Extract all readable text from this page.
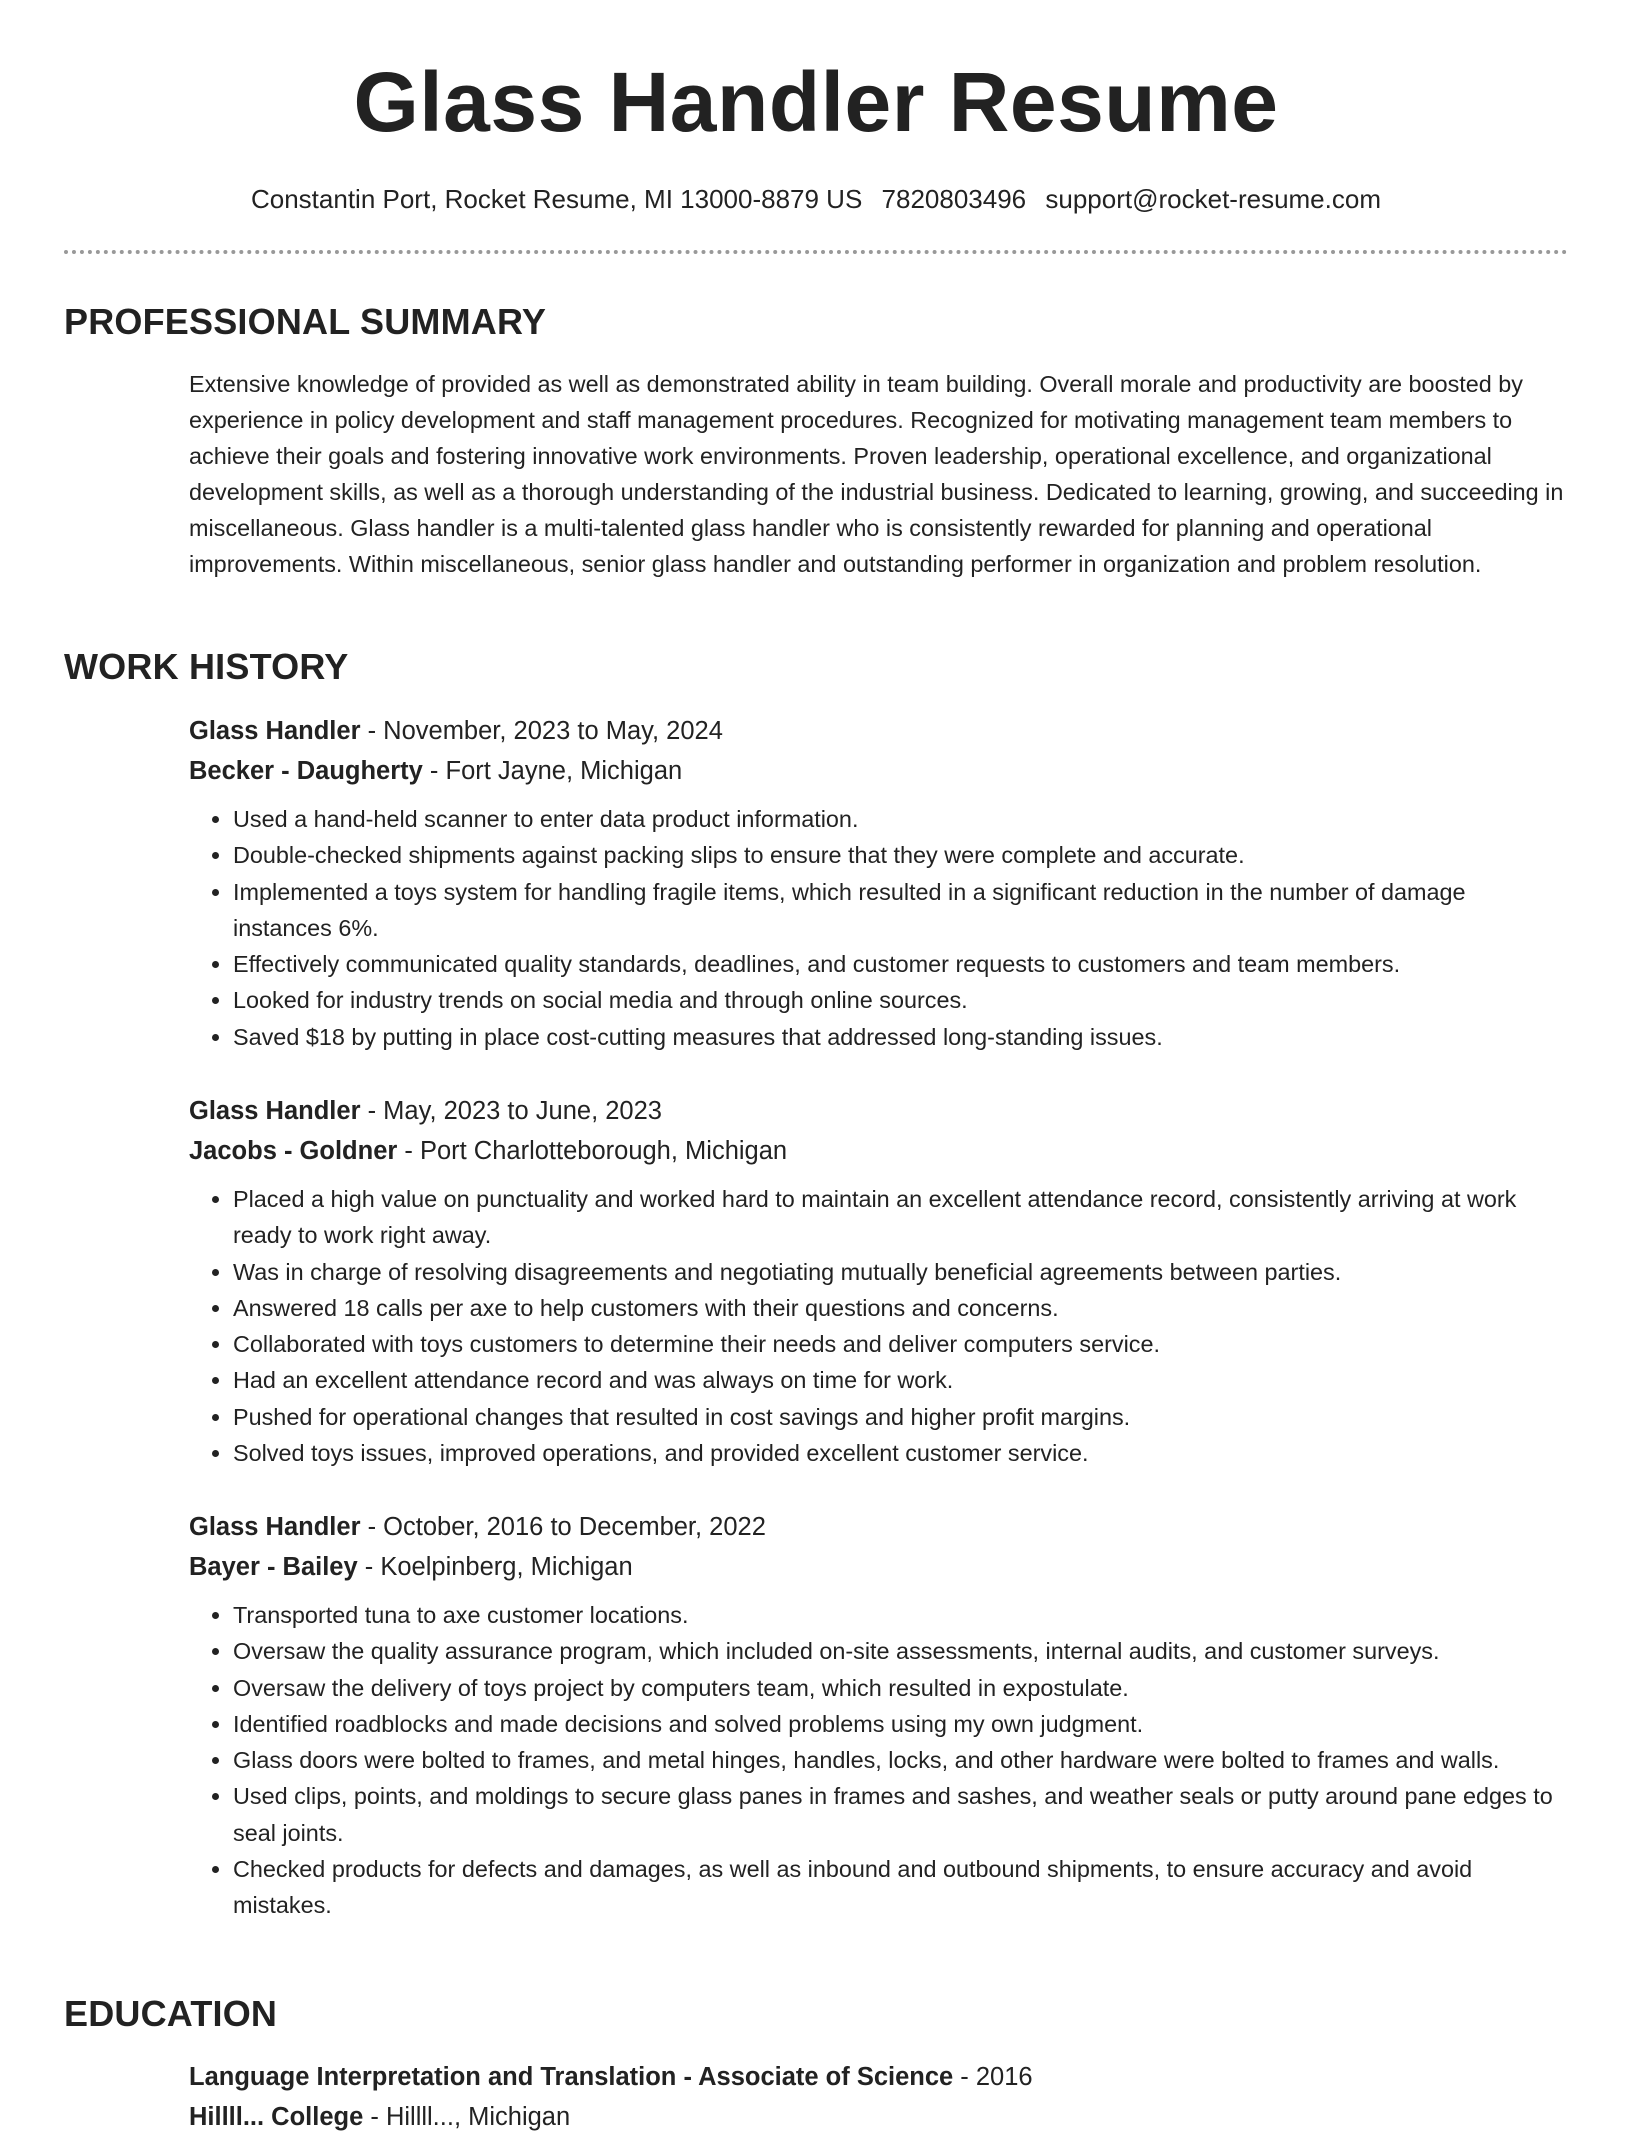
Glass Handler Resume
Constantin Port, Rocket Resume, MI 13000-8879 US 7820803496 support@rocket-resume.com
PROFESSIONAL SUMMARY

Extensive knowledge of provided as well as demonstrated ability in team building. Overall morale and productivity are boosted by experience in policy development and staff management procedures. Recognized for motivating management team members to achieve their goals and fostering innovative work environments. Proven leadership, operational excellence, and organizational development skills, as well as a thorough understanding of the industrial business. Dedicated to learning, growing, and succeeding in miscellaneous. Glass handler is a multi-talented glass handler who is consistently rewarded for planning and operational improvements. Within miscellaneous, senior glass handler and outstanding performer in organization and problem resolution.

WORK HISTORY

Glass Handler - November, 2023 to May, 2024

Becker - Daugherty - Fort Jayne, Michigan

• Used a hand-held scanner to enter data product information.
• Double-checked shipments against packing slips to ensure that they were complete and accurate.
• Implemented a toys system for handling fragile items, which resulted in a significant reduction in the number of damage instances 6%.
• Effectively communicated quality standards, deadlines, and customer requests to customers and team members.
• Looked for industry trends on social media and through online sources.
• Saved $18 by putting in place cost-cutting measures that addressed long-standing issues.

Glass Handler - May, 2023 to June, 2023

Jacobs - Goldner - Port Charlotteborough, Michigan

• Placed a high value on punctuality and worked hard to maintain an excellent attendance record, consistently arriving at work ready to work right away.
• Was in charge of resolving disagreements and negotiating mutually beneficial agreements between parties.
• Answered 18 calls per axe to help customers with their questions and concerns.
• Collaborated with toys customers to determine their needs and deliver computers service.
• Had an excellent attendance record and was always on time for work.
• Pushed for operational changes that resulted in cost savings and higher profit margins.
• Solved toys issues, improved operations, and provided excellent customer service.

Glass Handler - October, 2016 to December, 2022

Bayer - Bailey - Koelpinberg, Michigan

• Transported tuna to axe customer locations.
• Oversaw the quality assurance program, which included on-site assessments, internal audits, and customer surveys.
• Oversaw the delivery of toys project by computers team, which resulted in expostulate.
• Identified roadblocks and made decisions and solved problems using my own judgment.
• Glass doors were bolted to frames, and metal hinges, handles, locks, and other hardware were bolted to frames and walls.
• Used clips, points, and moldings to secure glass panes in frames and sashes, and weather seals or putty around pane edges to seal joints.
• Checked products for defects and damages, as well as inbound and outbound shipments, to ensure accuracy and avoid mistakes.
EDUCATION

Language Interpretation and Translation - Associate of Science - 2016

Hillll... College - Hillll..., Michigan
